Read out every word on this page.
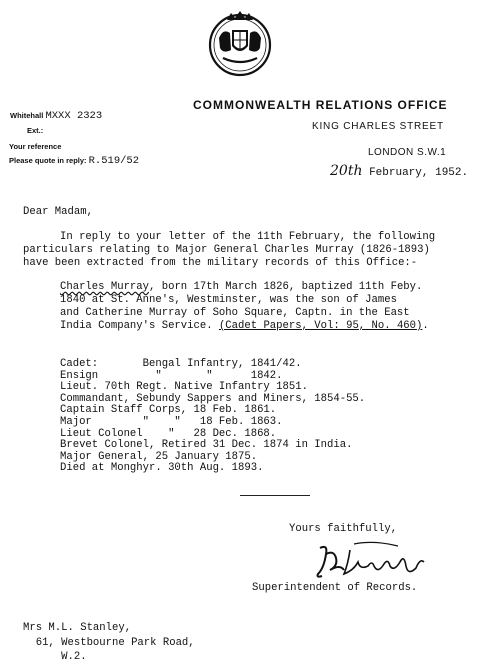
Whitehall MXXX 2323
Ext.:
Your reference
Please quote in reply: R.519/52
COMMONWEALTH RELATIONS OFFICE
KING CHARLES STREET
LONDON S.W.1
20th February, 1952.
Dear Madam,
In reply to your letter of the 11th February, the following
particulars relating to Major General Charles Murray (1826-1893)
have been extracted from the military records of this Office:-
Charles Murray, born 17th March 1826, baptized 11th Feby.
1840 at St. Anne's, Westminster, was the son of James
and Catherine Murray of Soho Square, Captn. in the East
India Company's Service. (Cadet Papers, Vol: 95, No. 460).
Cadet:       Bengal Infantry, 1841/42.
Ensign         "       "      1842.
Lieut. 70th Regt. Native Infantry 1851.
Commandant, Sebundy Sappers and Miners, 1854-55.
Captain Staff Corps, 18 Feb. 1861.
Major        "    "   18 Feb. 1863.
Lieut Colonel    "   28 Dec. 1868.
Brevet Colonel, Retired 31 Dec. 1874 in India.
Major General, 25 January 1875.
Died at Monghyr. 30th Aug. 1893.
Yours faithfully,
Superintendent of Records.
Mrs M.L. Stanley,
61, Westbourne Park Road,
W.2.
